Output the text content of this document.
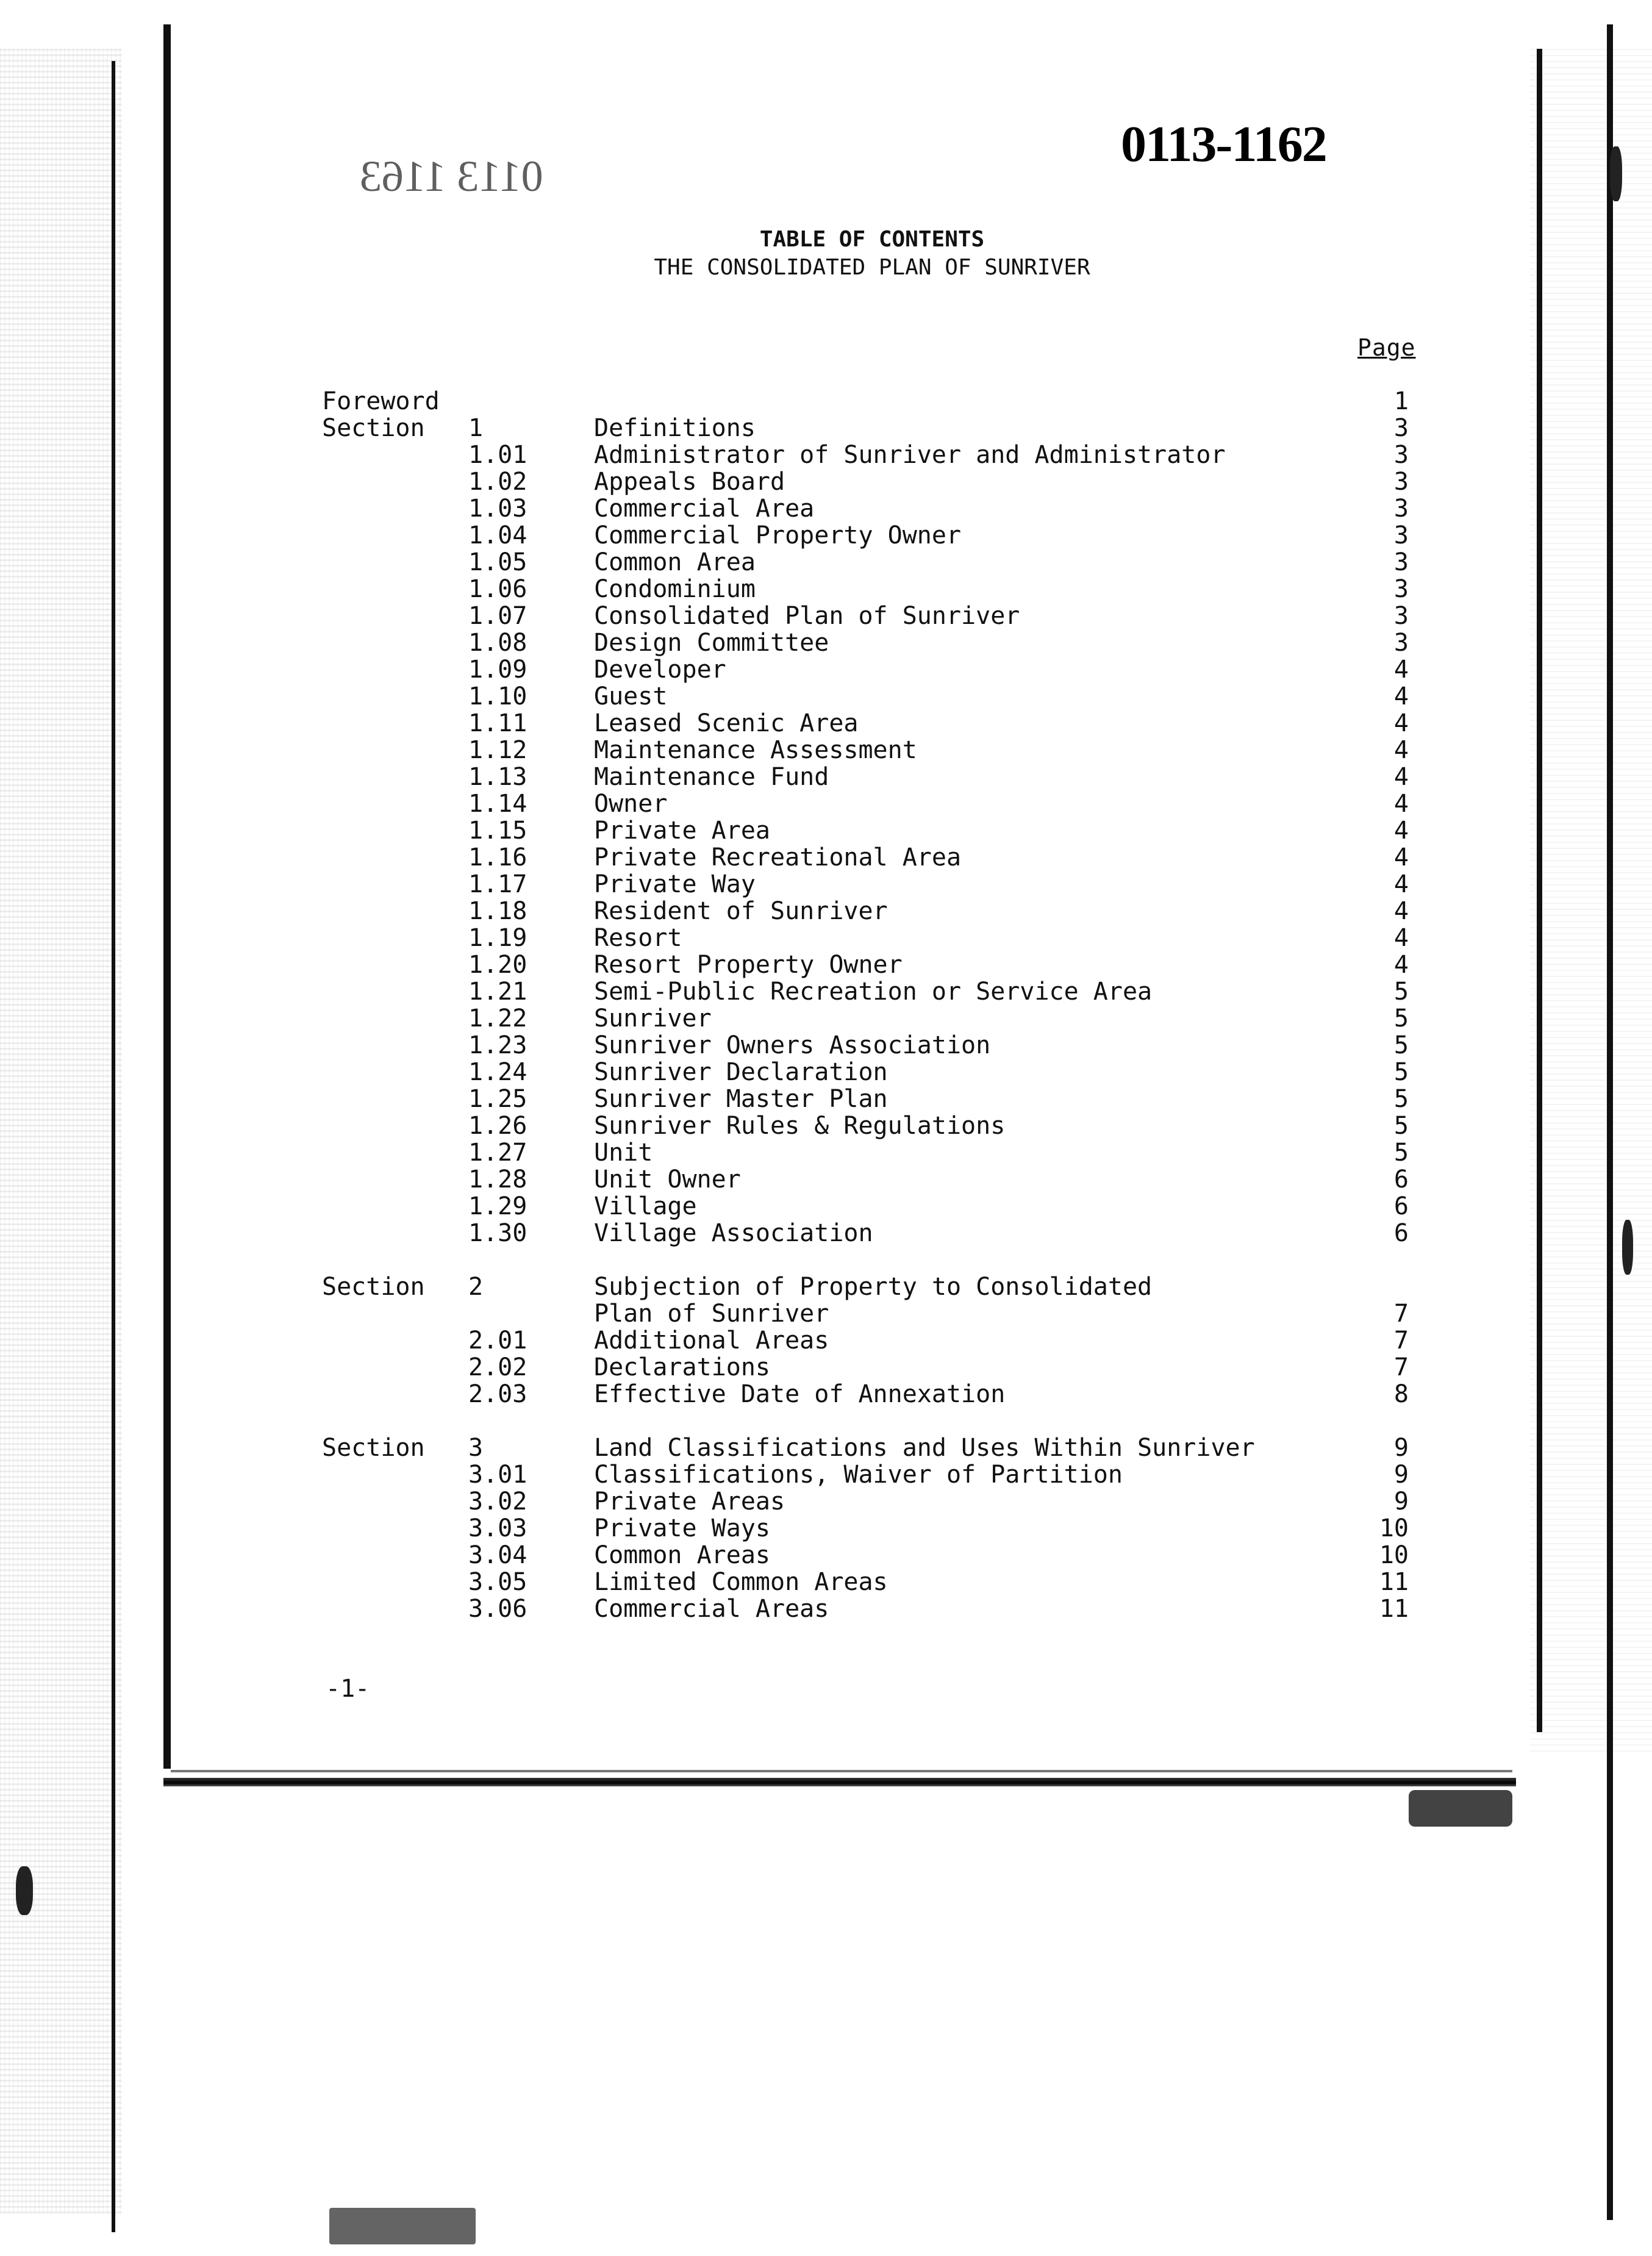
0113 1163
0113-1162
TABLE OF CONTENTS
THE CONSOLIDATED PLAN OF SUNRIVER
Page
Foreword	1
Section 1	Definitions	3
1.01	Administrator of Sunriver and Administrator	3
1.02	Appeals Board	3
1.03	Commercial Area	3
1.04	Commercial Property Owner	3
1.05	Common Area	3
1.06	Condominium	3
1.07	Consolidated Plan of Sunriver	3
1.08	Design Committee	3
1.09	Developer	4
1.10	Guest	4
1.11	Leased Scenic Area	4
1.12	Maintenance Assessment	4
1.13	Maintenance Fund	4
1.14	Owner	4
1.15	Private Area	4
1.16	Private Recreational Area	4
1.17	Private Way	4
1.18	Resident of Sunriver	4
1.19	Resort	4
1.20	Resort Property Owner	4
1.21	Semi-Public Recreation or Service Area	5
1.22	Sunriver	5
1.23	Sunriver Owners Association	5
1.24	Sunriver Declaration	5
1.25	Sunriver Master Plan	5
1.26	Sunriver Rules & Regulations	5
1.27	Unit	5
1.28	Unit Owner	6
1.29	Village	6
1.30	Village Association	6
Section 2	Subjection of Property to Consolidated
Plan of Sunriver	7
2.01	Additional Areas	7
2.02	Declarations	7
2.03	Effective Date of Annexation	8
Section 3	Land Classifications and Uses Within Sunriver	9
3.01	Classifications, Waiver of Partition	9
3.02	Private Areas	9
3.03	Private Ways	10
3.04	Common Areas	10
3.05	Limited Common Areas	11
3.06	Commercial Areas	11
-1-
